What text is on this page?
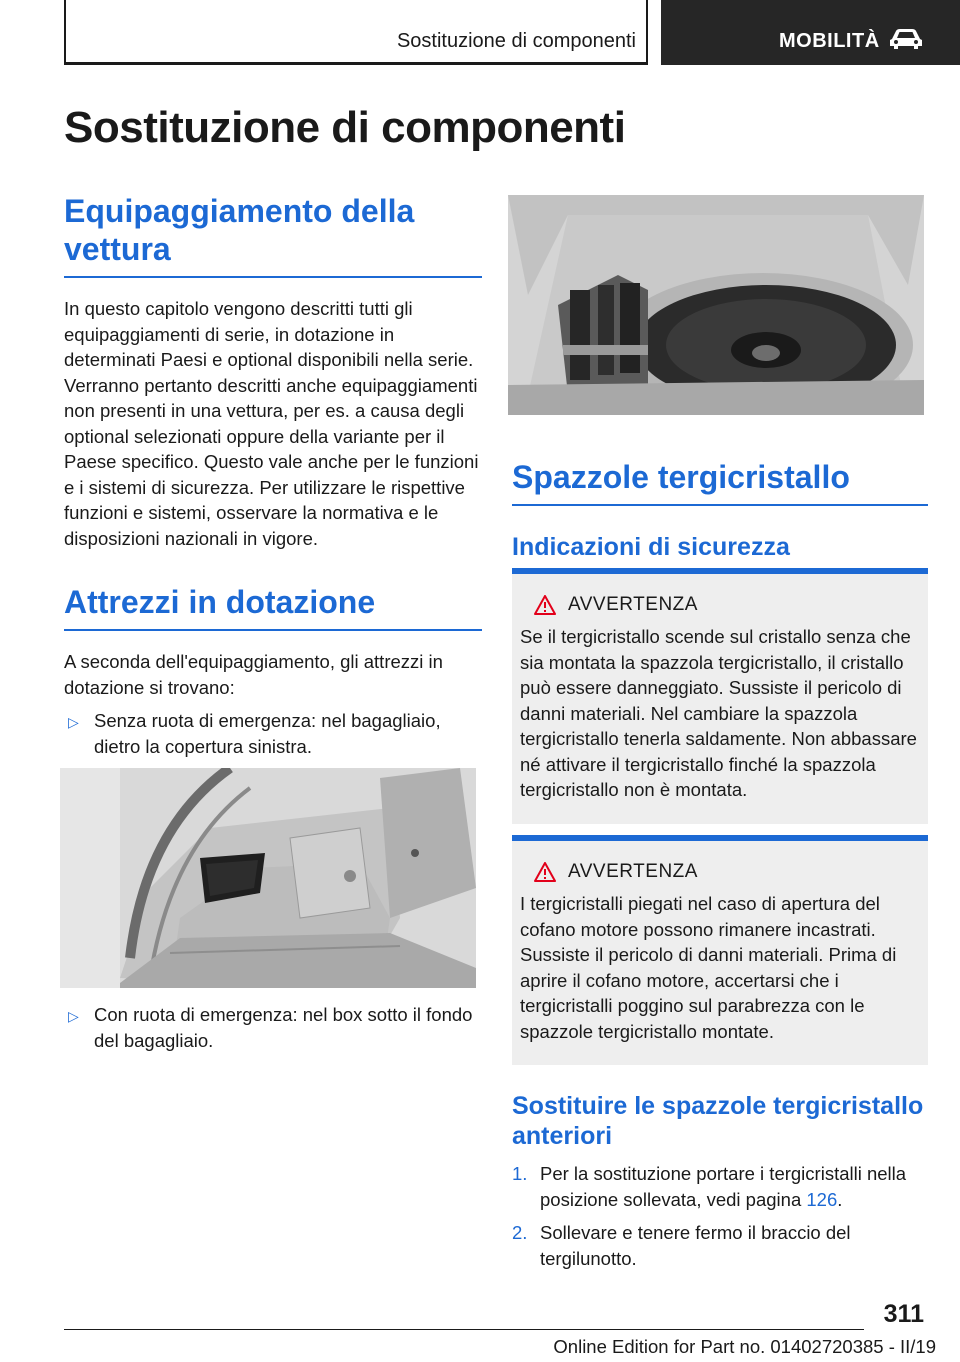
Sostituzione di componenti	MOBILITÀ
Sostituzione di componenti
Equipaggiamento della vettura
In questo capitolo vengono descritti tutti gli equipaggiamenti di serie, in dotazione in determinati Paesi e optional disponibili nella serie. Verranno pertanto descritti anche equipaggiamenti non presenti in una vettura, per es. a causa degli optional selezionati oppure della variante per il Paese specifico. Questo vale anche per le funzioni e i sistemi di sicurezza. Per utilizzare le rispettive funzioni e sistemi, osservare la normativa e le disposizioni nazionali in vigore.
Attrezzi in dotazione
A seconda dell'equipaggiamento, gli attrezzi in dotazione si trovano:
▷ Senza ruota di emergenza: nel bagagliaio, dietro la copertura sinistra.
▷ Con ruota di emergenza: nel box sotto il fondo del bagagliaio.
Spazzole tergicristallo
Indicazioni di sicurezza
AVVERTENZA
Se il tergicristallo scende sul cristallo senza che sia montata la spazzola tergicristallo, il cristallo può essere danneggiato. Sussiste il pericolo di danni materiali. Nel cambiare la spazzola tergicristallo tenerla saldamente. Non abbassare né attivare il tergicristallo finché la spazzola tergicristallo non è montata.
AVVERTENZA
I tergicristalli piegati nel caso di apertura del cofano motore possono rimanere incastrati. Sussiste il pericolo di danni materiali. Prima di aprire il cofano motore, accertarsi che i tergicristalli poggino sul parabrezza con le spazzole tergicristallo montate.
Sostituire le spazzole tergicristallo anteriori
1. Per la sostituzione portare i tergicristalli nella posizione sollevata, vedi pagina 126.
2. Sollevare e tenere fermo il braccio del tergilunotto.
311
Online Edition for Part no. 01402720385 - II/19
